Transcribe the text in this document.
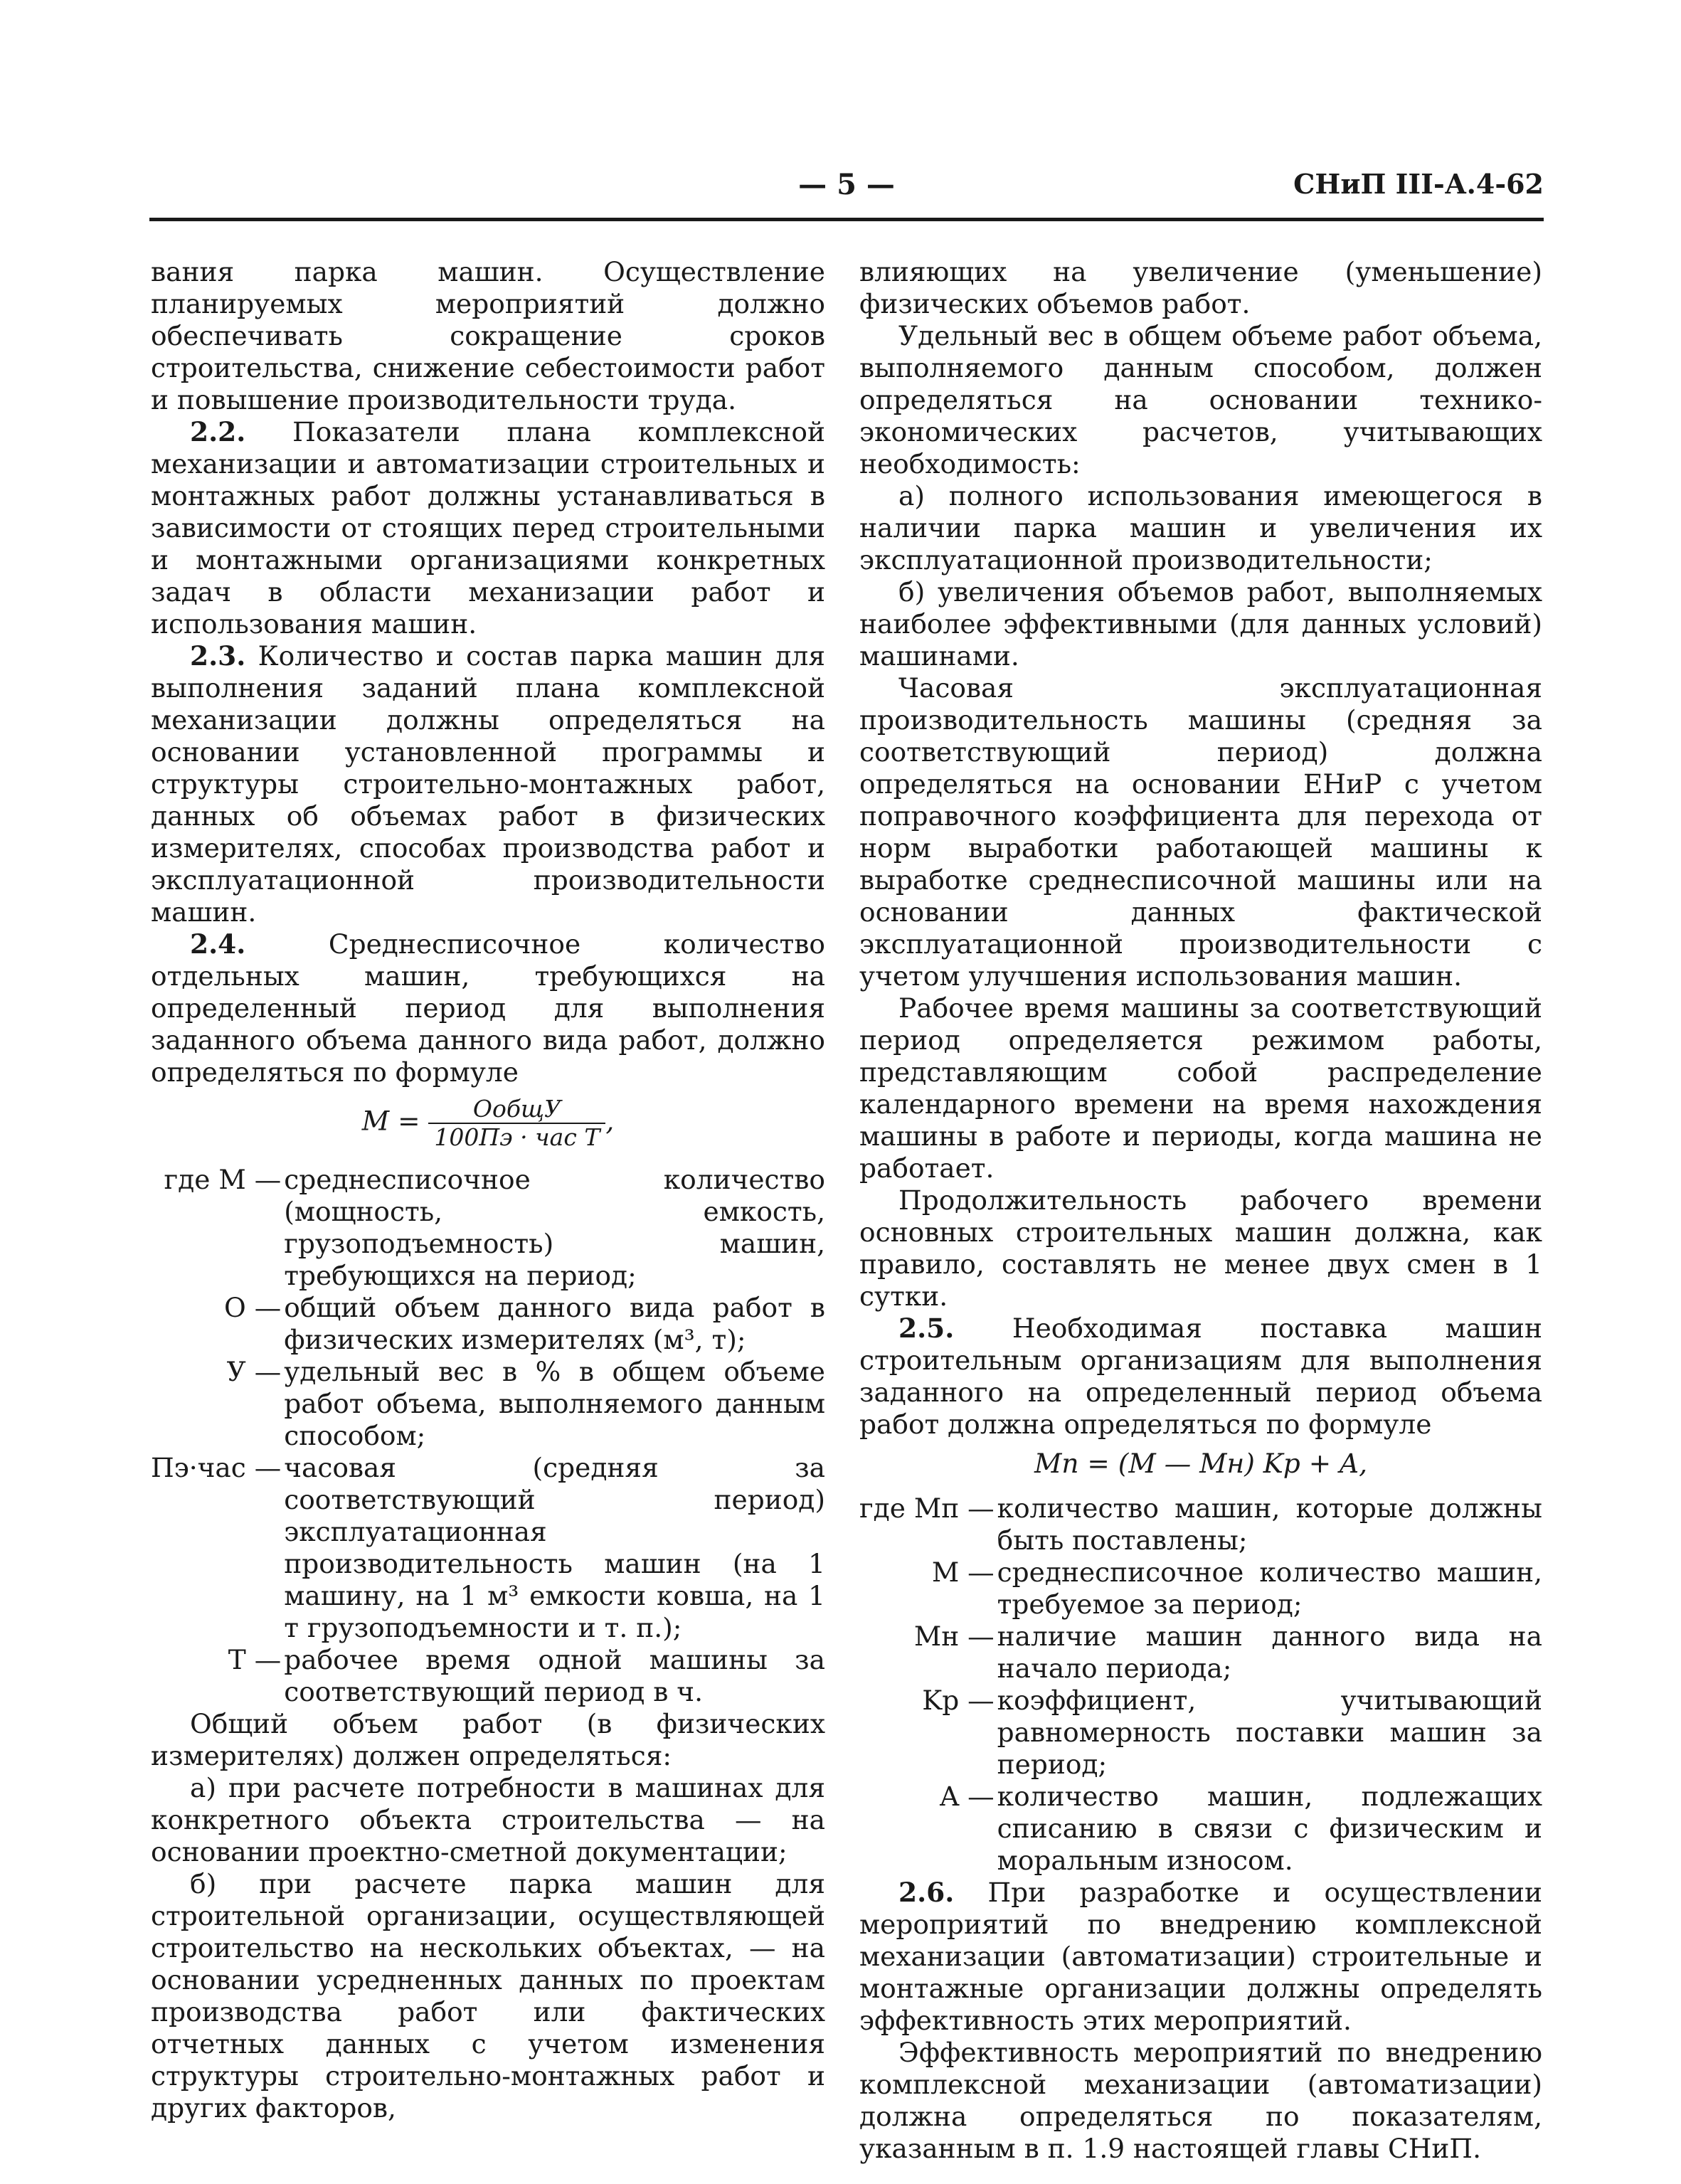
— 5 —	СНиП III-А.4-62

вания парка машин. Осуществление планируемых мероприятий должно обеспечивать сокращение сроков строительства, снижение себестоимости работ и повышение производительности труда.

2.2. Показатели плана комплексной механизации и автоматизации строительных и монтажных работ должны устанавливаться в зависимости от стоящих перед строительными и монтажными организациями конкретных задач в области механизации работ и использования машин.

2.3. Количество и состав парка машин для выполнения заданий плана комплексной механизации должны определяться на основании установленной программы и структуры строительно-монтажных работ, данных об объемах работ в физических измерителях, способах производства работ и эксплуатационной производительности машин.

2.4. Среднесписочное количество отдельных машин, требующихся на определенный период для выполнения заданного объема данного вида работ, должно определяться по формуле

$M = \frac{\text{OобщУ}}{\text{100Пэ · час T}}$ ,
где M —	среднесписочное количество (мощность, емкость, грузоподъемность) машин, требующихся на период;
O —	общий объем данного вида работ в физических измерителях (м³, т);
У —	удельный вес в % в общем объеме работ объема, выполняемого данным способом;
Пэ·час —	часовая (средняя за соответствующий период) эксплуатационная производительность машин (на 1 машину, на 1 м³ емкости ковша, на 1 т грузоподъемности и т. п.);
T —	рабочее время одной машины за соответствующий период в ч.

Общий объем работ (в физических измерителях) должен определяться:

а) при расчете потребности в машинах для конкретного объекта строительства — на основании проектно-сметной документации;

б) при расчете парка машин для строительной организации, осуществляющей строительство на нескольких объектах, — на основании усредненных данных по проектам производства работ или фактических отчетных данных с учетом изменения структуры строительно-монтажных работ и других факторов,

влияющих на увеличение (уменьшение) физических объемов работ.

Удельный вес в общем объеме работ объема, выполняемого данным способом, должен определяться на основании технико-экономических расчетов, учитывающих необходимость:

а) полного использования имеющегося в наличии парка машин и увеличения их эксплуатационной производительности;

б) увеличения объемов работ, выполняемых наиболее эффективными (для данных условий) машинами.

Часовая эксплуатационная производительность машины (средняя за соответствующий период) должна определяться на основании ЕНиР с учетом поправочного коэффициента для перехода от норм выработки работающей машины к выработке среднесписочной машины или на основании данных фактической эксплуатационной производительности с учетом улучшения использования машин.

Рабочее время машины за соответствующий период определяется режимом работы, представляющим собой распределение календарного времени на время нахождения машины в работе и периоды, когда машина не работает.

Продолжительность рабочего времени основных строительных машин должна, как правило, составлять не менее двух смен в 1 сутки.

2.5. Необходимая поставка машин строительным организациям для выполнения заданного на определенный период объема работ должна определяться по формуле

Mп = (M — Mн) Kр + A,
где Mп —	количество машин, которые должны быть поставлены;
M —	среднесписочное количество машин, требуемое за период;
Mн —	наличие машин данного вида на начало периода;
Kр —	коэффициент, учитывающий равномерность поставки машин за период;
A —	количество машин, подлежащих списанию в связи с физическим и моральным износом.

2.6. При разработке и осуществлении мероприятий по внедрению комплексной механизации (автоматизации) строительные и монтажные организации должны определять эффективность этих мероприятий.

Эффективность мероприятий по внедрению комплексной механизации (автоматизации) должна определяться по показателям, указанным в п. 1.9 настоящей главы СНиП.
